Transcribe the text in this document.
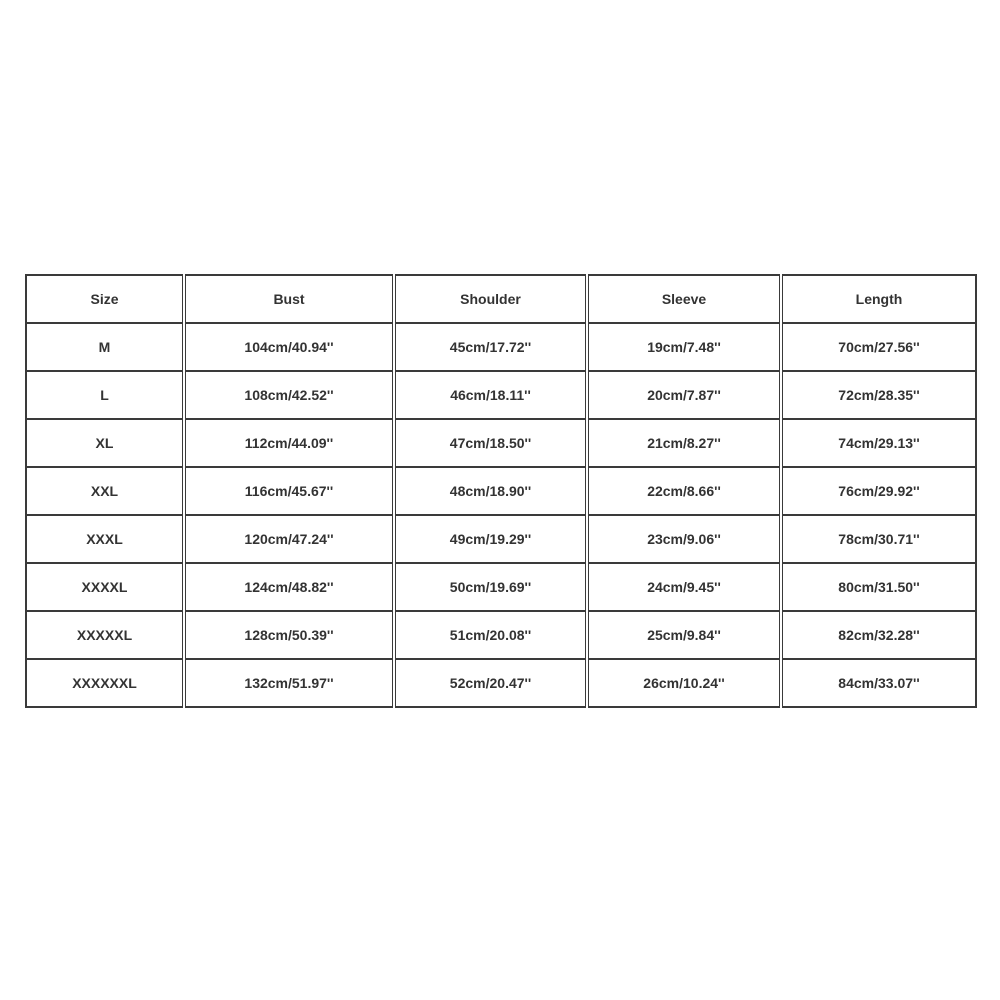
Size	Bust	Shoulder	Sleeve	Length
M	104cm/40.94''	45cm/17.72''	19cm/7.48''	70cm/27.56''
L	108cm/42.52''	46cm/18.11''	20cm/7.87''	72cm/28.35''
XL	112cm/44.09''	47cm/18.50''	21cm/8.27''	74cm/29.13''
XXL	116cm/45.67''	48cm/18.90''	22cm/8.66''	76cm/29.92''
XXXL	120cm/47.24''	49cm/19.29''	23cm/9.06''	78cm/30.71''
XXXXL	124cm/48.82''	50cm/19.69''	24cm/9.45''	80cm/31.50''
XXXXXL	128cm/50.39''	51cm/20.08''	25cm/9.84''	82cm/32.28''
XXXXXXL	132cm/51.97''	52cm/20.47''	26cm/10.24''	84cm/33.07''
